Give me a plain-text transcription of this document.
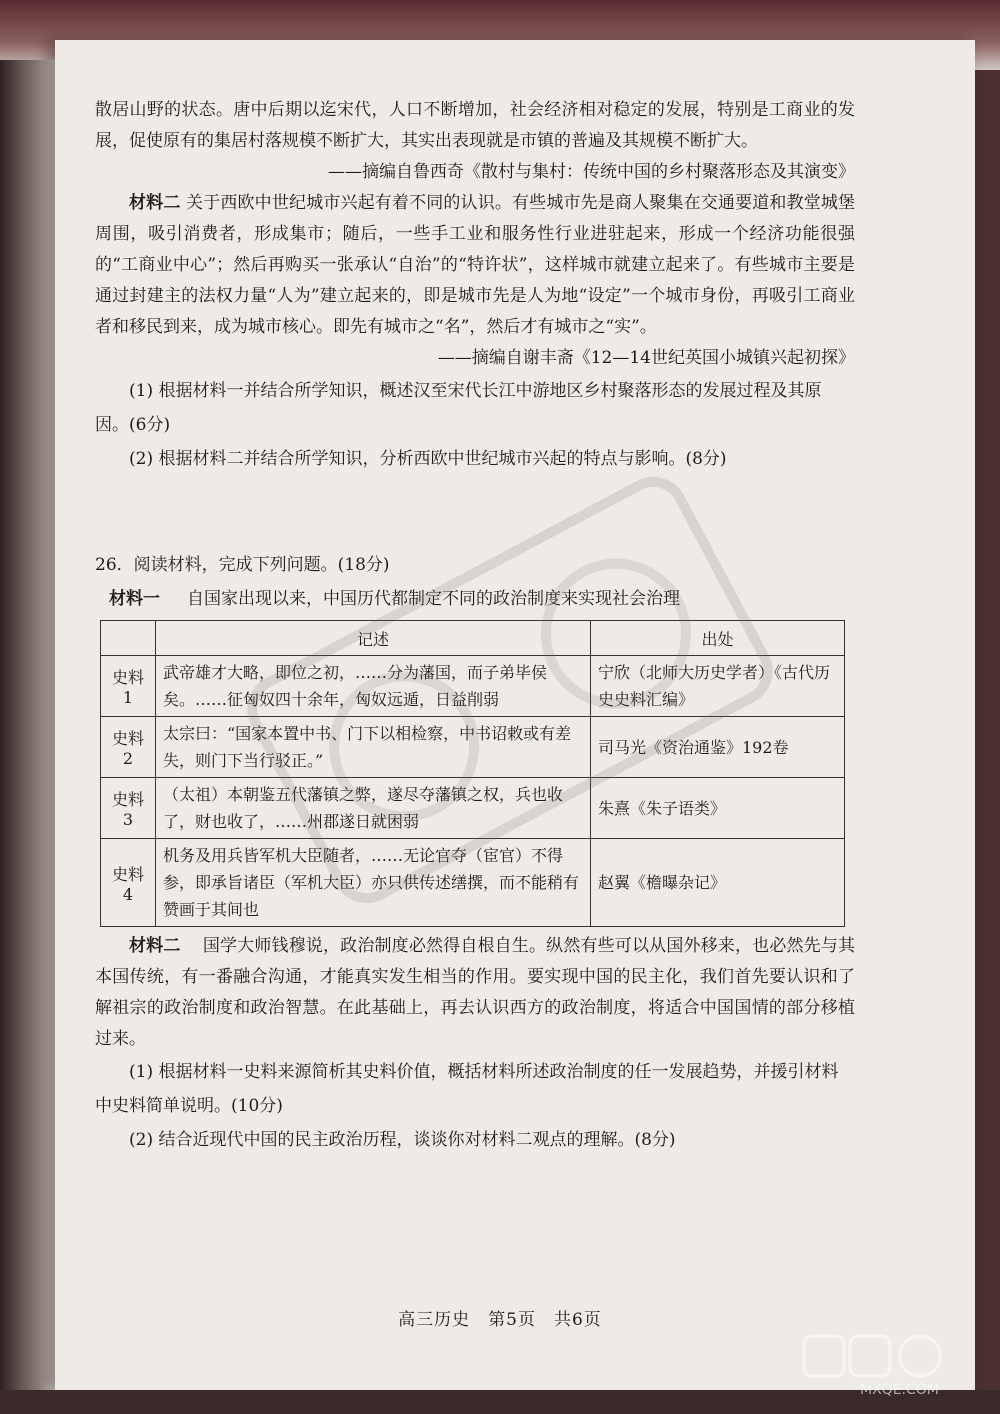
散居山野的状态。唐中后期以迄宋代，人口不断增加，社会经济相对稳定的发展，特别是工商业的发展，促使原有的集居村落规模不断扩大，其实出表现就是市镇的普遍及其规模不断扩大。

——摘编自鲁西奇《散村与集村：传统中国的乡村聚落形态及其演变》

材料二 关于西欧中世纪城市兴起有着不同的认识。有些城市先是商人聚集在交通要道和教堂城堡周围，吸引消费者，形成集市；随后，一些手工业和服务性行业进驻起来，形成一个经济功能很强的“工商业中心”；然后再购买一张承认“自治”的“特许状”，这样城市就建立起来了。有些城市主要是通过封建主的法权力量“人为”建立起来的，即是城市先是人为地“设定”一个城市身份，再吸引工商业者和移民到来，成为城市核心。即先有城市之“名”，然后才有城市之“实”。

——摘编自谢丰斋《12—14世纪英国小城镇兴起初探》

(1) 根据材料一并结合所学知识，概述汉至宋代长江中游地区乡村聚落形态的发展过程及其原因。(6分)

(2) 根据材料二并结合所学知识，分析西欧中世纪城市兴起的特点与影响。(8分)

26．阅读材料，完成下列问题。(18分)

材料一 自国家出现以来，中国历代都制定不同的政治制度来实现社会治理

	记述	出处
史料1	武帝雄才大略，即位之初，……分为藩国，而子弟毕侯矣。……征匈奴四十余年，匈奴远遁，日益削弱	宁欣（北师大历史学者）《古代历史史料汇编》
史料2	太宗曰：“国家本置中书、门下以相检察，中书诏敕或有差失，则门下当行驳正。”	司马光《资治通鉴》192卷
史料3	（太祖）本朝鉴五代藩镇之弊，遂尽夺藩镇之权，兵也收了，财也收了，……州郡遂日就困弱	朱熹《朱子语类》
史料4	机务及用兵皆军机大臣随者，……无论官夺（宦官）不得参，即承旨诸臣（军机大臣）亦只供传述缮撰，而不能稍有赞画于其间也	赵翼《檐曝杂记》

材料二 国学大师钱穆说，政治制度必然得自根自生。纵然有些可以从国外移来，也必然先与其本国传统，有一番融合沟通，才能真实发生相当的作用。要实现中国的民主化，我们首先要认识和了解祖宗的政治制度和政治智慧。在此基础上，再去认识西方的政治制度，将适合中国国情的部分移植过来。

(1) 根据材料一史料来源简析其史料价值，概括材料所述政治制度的任一发展趋势，并援引材料中史料简单说明。(10分)

(2) 结合近现代中国的民主政治历程，谈谈你对材料二观点的理解。(8分)

高三历史　第5页　共6页
MXQE.COM
